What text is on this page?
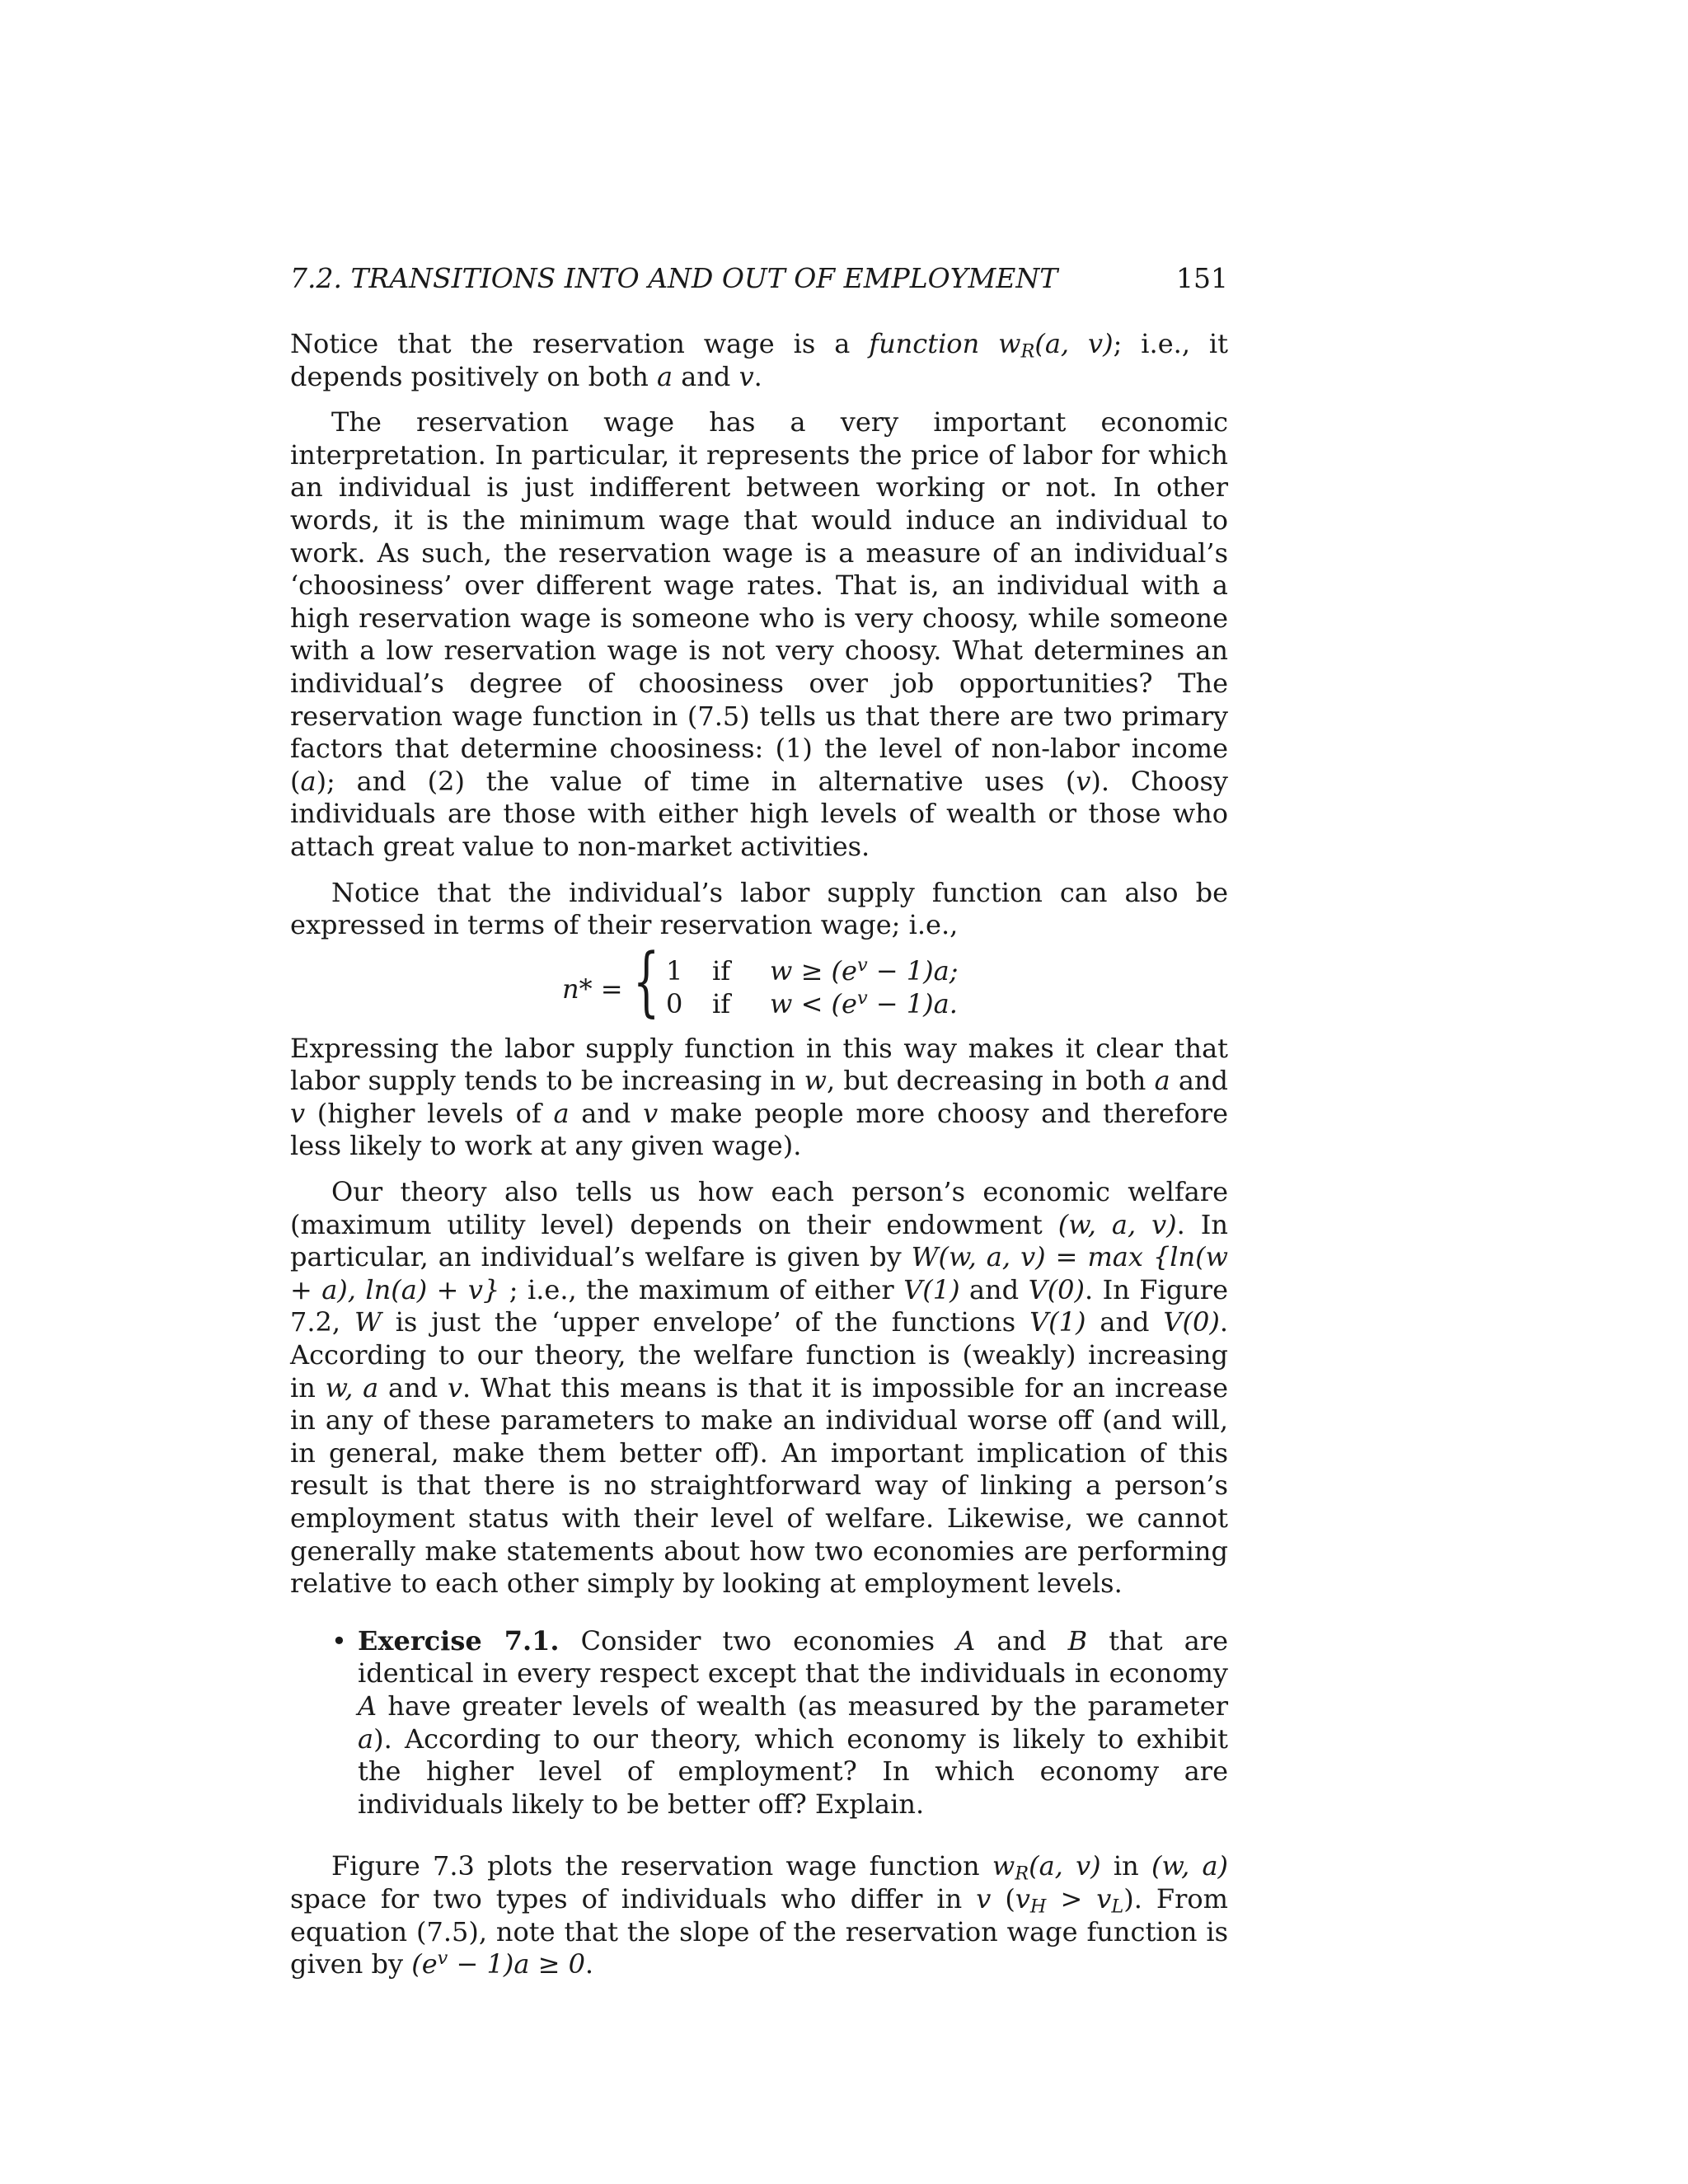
7.2. TRANSITIONS INTO AND OUT OF EMPLOYMENT	151

Notice that the reservation wage is a function $w_R(a$, v); i.e., it depends positively on both a and v.

The reservation wage has a very important economic interpretation. In particular, it represents the price of labor for which an individual is just indifferent between working or not. In other words, it is the minimum wage that would induce an individual to work. As such, the reservation wage is a measure of an individual’s ‘choosiness’ over different wage rates. That is, an individual with a high reservation wage is someone who is very choosy, while someone with a low reservation wage is not very choosy. What determines an individual’s degree of choosiness over job opportunities? The reservation wage function in (7.5) tells us that there are two primary factors that determine choosiness: (1) the level of non-labor income (a); and (2) the value of time in alternative uses (v). Choosy individuals are those with either high levels of wealth or those who attach great value to non-market activities.

Notice that the individual’s labor supply function can also be expressed in terms of their reservation wage; i.e.,

n* = { 1 if $w \ge (e^v - 1)a$;
0 if $w < (e^v - 1)a$.

Expressing the labor supply function in this way makes it clear that labor supply tends to be increasing in w, but decreasing in both a and v (higher levels of a and v make people more choosy and therefore less likely to work at any given wage).

Our theory also tells us how each person’s economic welfare (maximum utility level) depends on their endowment (w, a, v). In particular, an individual’s welfare is given by W(w, a, v) = max {ln(w + a), ln(a) + v} ; i.e., the maximum of either V(1) and V(0). In Figure 7.2, W is just the ‘upper envelope’ of the functions V(1) and V(0). According to our theory, the welfare function is (weakly) increasing in w, a and v. What this means is that it is impossible for an increase in any of these parameters to make an individual worse off (and will, in general, make them better off). An important implication of this result is that there is no straightforward way of linking a person’s employment status with their level of welfare. Likewise, we cannot generally make statements about how two economies are performing relative to each other simply by looking at employment levels.

• Exercise 7.1. Consider two economies A and B that are identical in every respect except that the individuals in economy A have greater levels of wealth (as measured by the parameter a). According to our theory, which economy is likely to exhibit the higher level of employment? In which economy are individuals likely to be better off? Explain.

Figure 7.3 plots the reservation wage function $w_R(a$, v) in (w, a) space for two types of individuals who differ in v $(v_H > v_L)$. From equation (7.5), note that the slope of the reservation wage function is given by $(e^v - 1)a \ge 0$.
